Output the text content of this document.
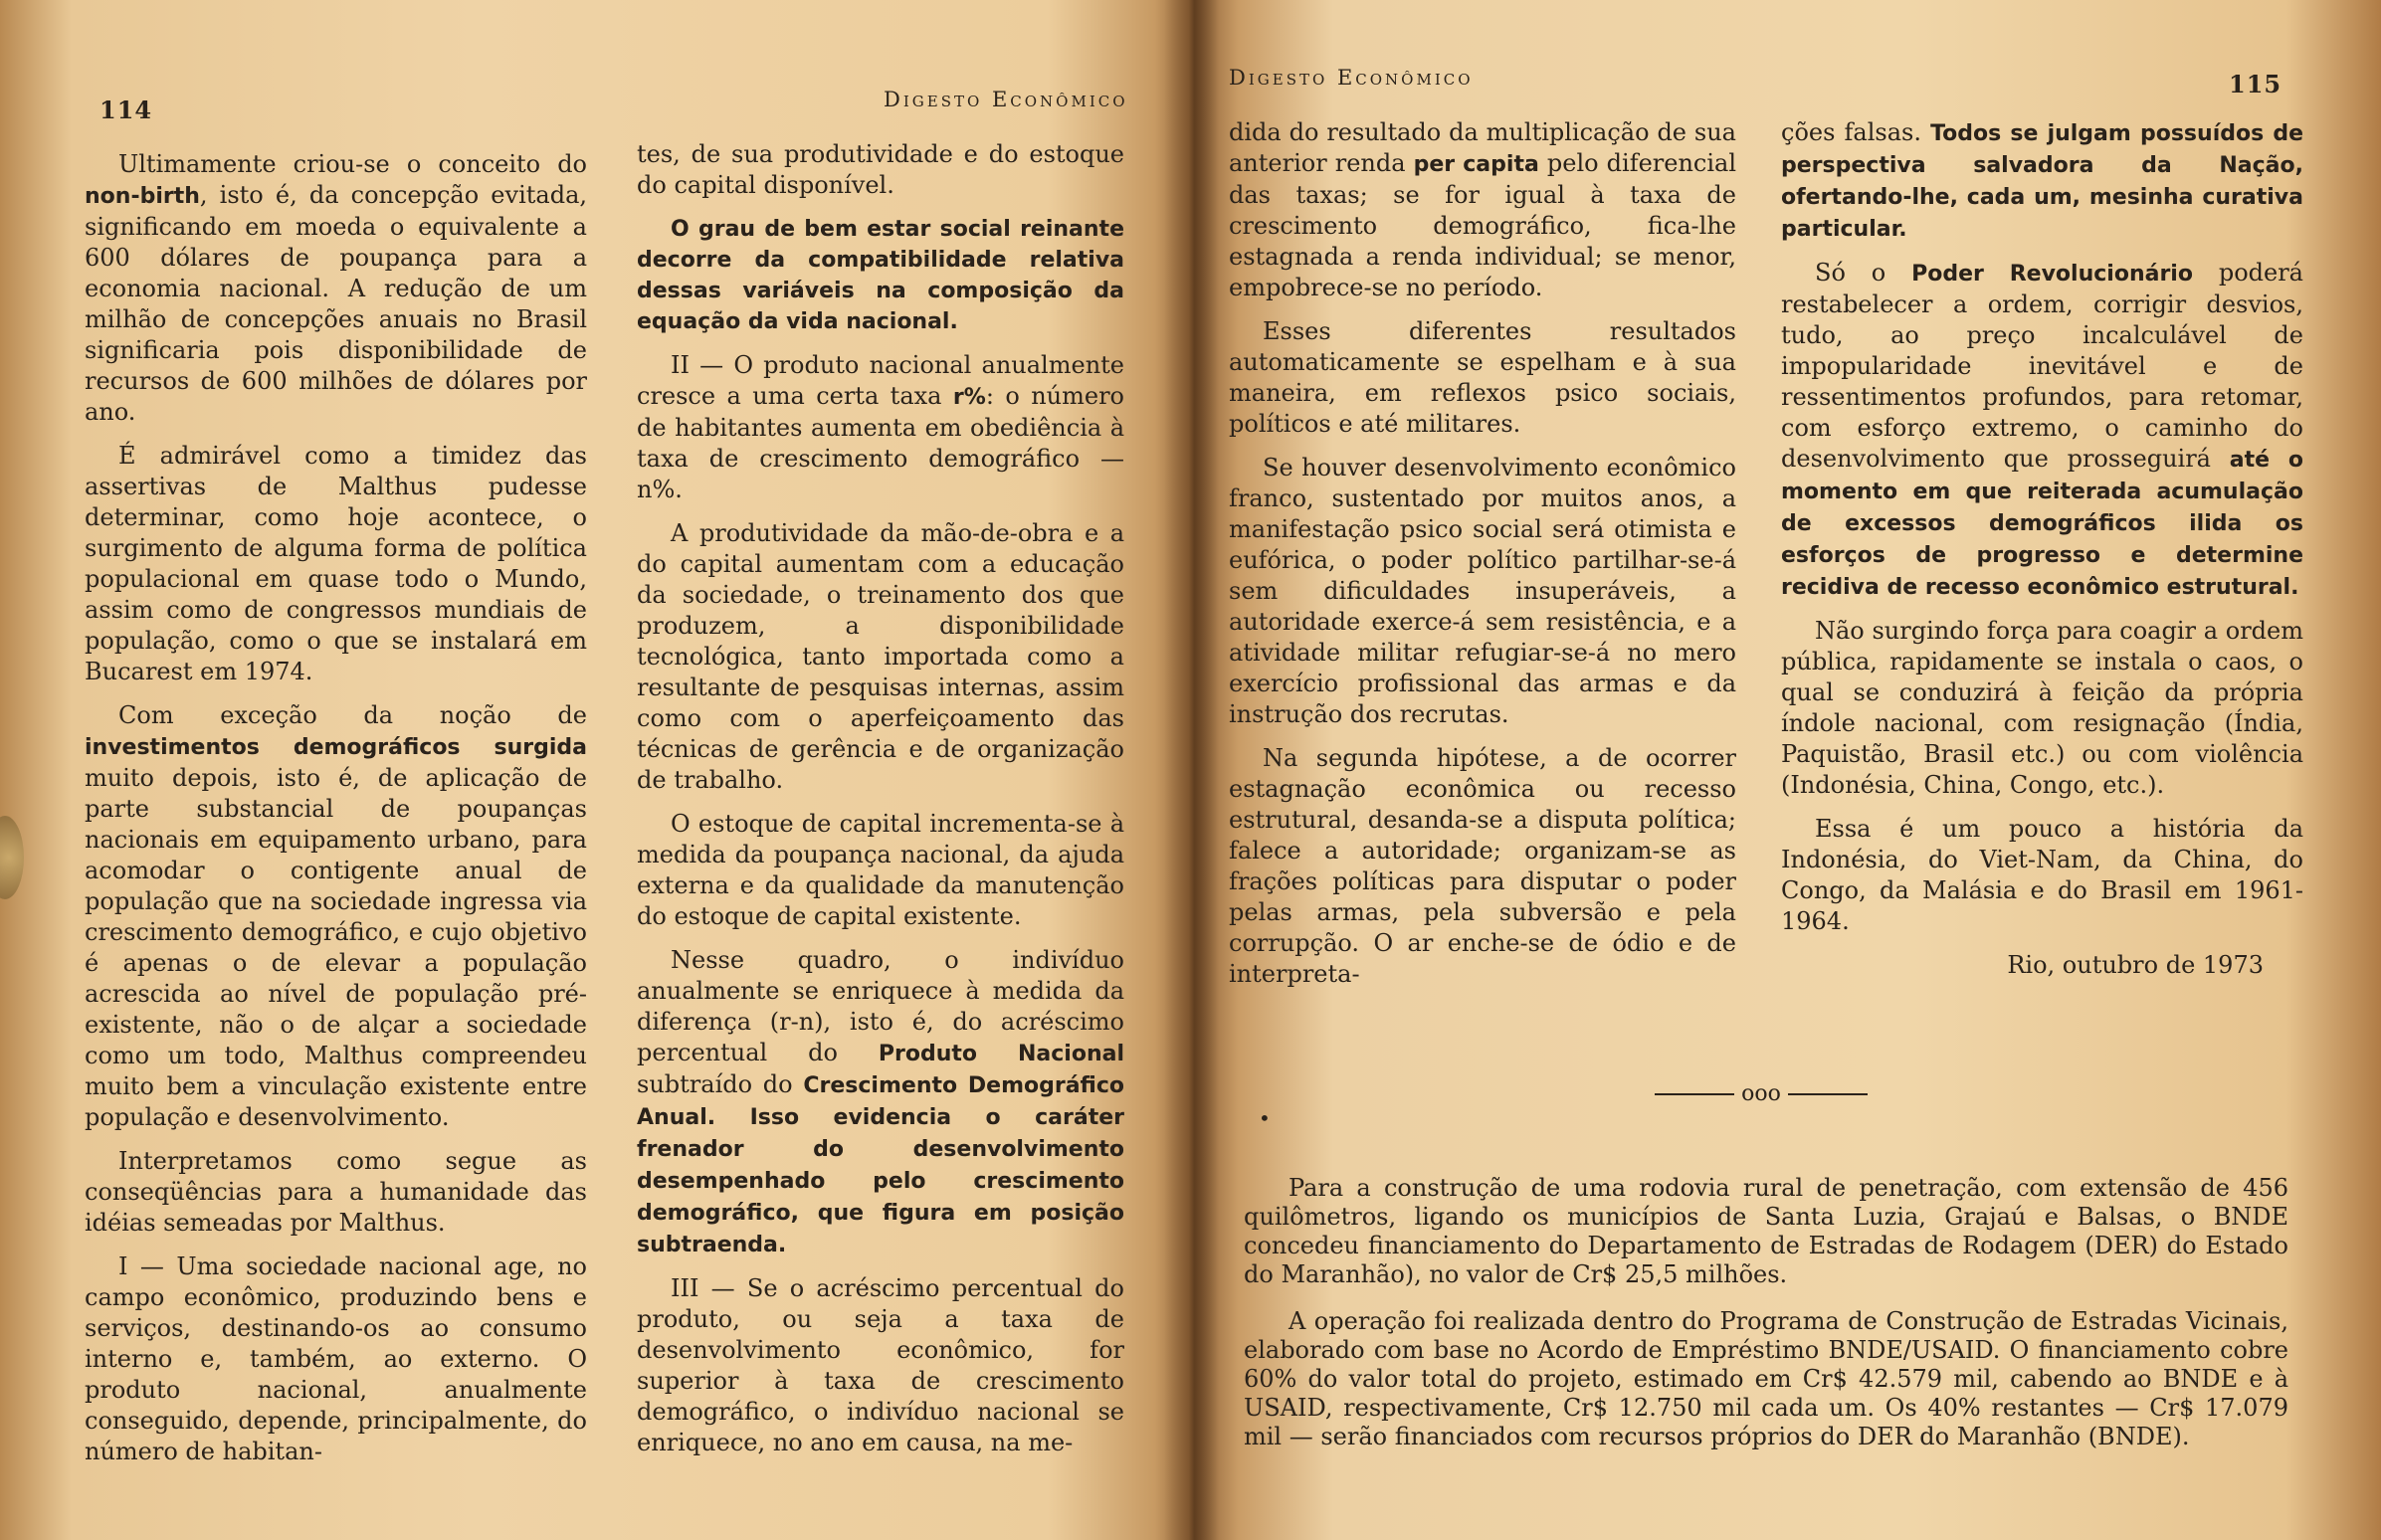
114	Digesto Econômico

Ultimamente criou-se o conceito do non-birth, isto é, da concepção evitada, significando em moeda o equivalente a 600 dólares de poupança para a economia nacional. A redução de um milhão de concepções anuais no Brasil significaria pois disponibilidade de recursos de 600 milhões de dólares por ano.

É admirável como a timidez das assertivas de Malthus pudesse determinar, como hoje acontece, o surgimento de alguma forma de política populacional em quase todo o Mundo, assim como de congressos mundiais de população, como o que se instalará em Bucarest em 1974.

Com exceção da noção de investimentos demográficos surgida muito depois, isto é, de aplicação de parte substancial de poupanças nacionais em equipamento urbano, para acomodar o contigente anual de população que na sociedade ingressa via crescimento demográfico, e cujo objetivo é apenas o de elevar a população acrescida ao nível de população pré-existente, não o de alçar a sociedade como um todo, Malthus compreendeu muito bem a vinculação existente entre população e desenvolvimento.

Interpretamos como segue as conseqüências para a humanidade das idéias semeadas por Malthus.

I — Uma sociedade nacional age, no campo econômico, produzindo bens e serviços, destinando-os ao consumo interno e, também, ao externo. O produto nacional, anualmente conseguido, depende, principalmente, do número de habitan-

tes, de sua produtividade e do estoque do capital disponível.

O grau de bem estar social reinante decorre da compatibilidade relativa dessas variáveis na composição da equação da vida nacional.

II — O produto nacional anualmente cresce a uma certa taxa r%: o número de habitantes aumenta em obediência à taxa de crescimento demográfico — n%.

A produtividade da mão-de-obra e a do capital aumentam com a educação da sociedade, o treinamento dos que produzem, a disponibilidade tecnológica, tanto importada como a resultante de pesquisas internas, assim como com o aperfeiçoamento das técnicas de gerência e de organização de trabalho.

O estoque de capital incrementa-se à medida da poupança nacional, da ajuda externa e da qualidade da manutenção do estoque de capital existente.

Nesse quadro, o indivíduo anualmente se enriquece à medida da diferença (r-n), isto é, do acréscimo percentual do Produto Nacional subtraído do Crescimento Demográfico Anual. Isso evidencia o caráter frenador do desenvolvimento desempenhado pelo crescimento demográfico, que figura em posição subtraenda.

III — Se o acréscimo percentual do produto, ou seja a taxa de desenvolvimento econômico, for superior à taxa de crescimento demográfico, o indivíduo nacional se enriquece, no ano em causa, na me-

Digesto Econômico	115

dida do resultado da multiplicação de sua anterior renda per capita pelo diferencial das taxas; se for igual à taxa de crescimento demográfico, fica-lhe estagnada a renda individual; se menor, empobrece-se no período.

Esses diferentes resultados automaticamente se espelham e à sua maneira, em reflexos psico sociais, políticos e até militares.

Se houver desenvolvimento econômico franco, sustentado por muitos anos, a manifestação psico social será otimista e eufórica, o poder político partilhar-se-á sem dificuldades insuperáveis, a autoridade exerce-á sem resistência, e a atividade militar refugiar-se-á no mero exercício profissional das armas e da instrução dos recrutas.

Na segunda hipótese, a de ocorrer estagnação econômica ou recesso estrutural, desanda-se a disputa política; falece a autoridade; organizam-se as frações políticas para disputar o poder pelas armas, pela subversão e pela corrupção. O ar enche-se de ódio e de interpreta-

ções falsas. Todos se julgam possuídos de perspectiva salvadora da Nação, ofertando-lhe, cada um, mesinha curativa particular.

Só o Poder Revolucionário poderá restabelecer a ordem, corrigir desvios, tudo, ao preço incalculável de impopularidade inevitável e de ressentimentos profundos, para retomar, com esforço extremo, o caminho do desenvolvimento que prosseguirá até o momento em que reiterada acumulação de excessos demográficos ilida os esforços de progresso e determine recidiva de recesso econômico estrutural.

Não surgindo força para coagir a ordem pública, rapidamente se instala o caos, o qual se conduzirá à feição da própria índole nacional, com resignação (Índia, Paquistão, Brasil etc.) ou com violência (Indonésia, China, Congo, etc.).

Essa é um pouco a história da Indonésia, do Viet-Nam, da China, do Congo, da Malásia e do Brasil em 1961-1964.

Rio, outubro de 1973

•
ooo

Para a construção de uma rodovia rural de penetração, com extensão de 456 quilômetros, ligando os municípios de Santa Luzia, Grajaú e Balsas, o BNDE concedeu financiamento do Departamento de Estradas de Rodagem (DER) do Estado do Maranhão), no valor de Cr$ 25,5 milhões.

A operação foi realizada dentro do Programa de Construção de Estradas Vicinais, elaborado com base no Acordo de Empréstimo BNDE/USAID. O financiamento cobre 60% do valor total do projeto, estimado em Cr$ 42.579 mil, cabendo ao BNDE e à USAID, respectivamente, Cr$ 12.750 mil cada um. Os 40% restantes — Cr$ 17.079 mil — serão financiados com recursos próprios do DER do Maranhão (BNDE).
